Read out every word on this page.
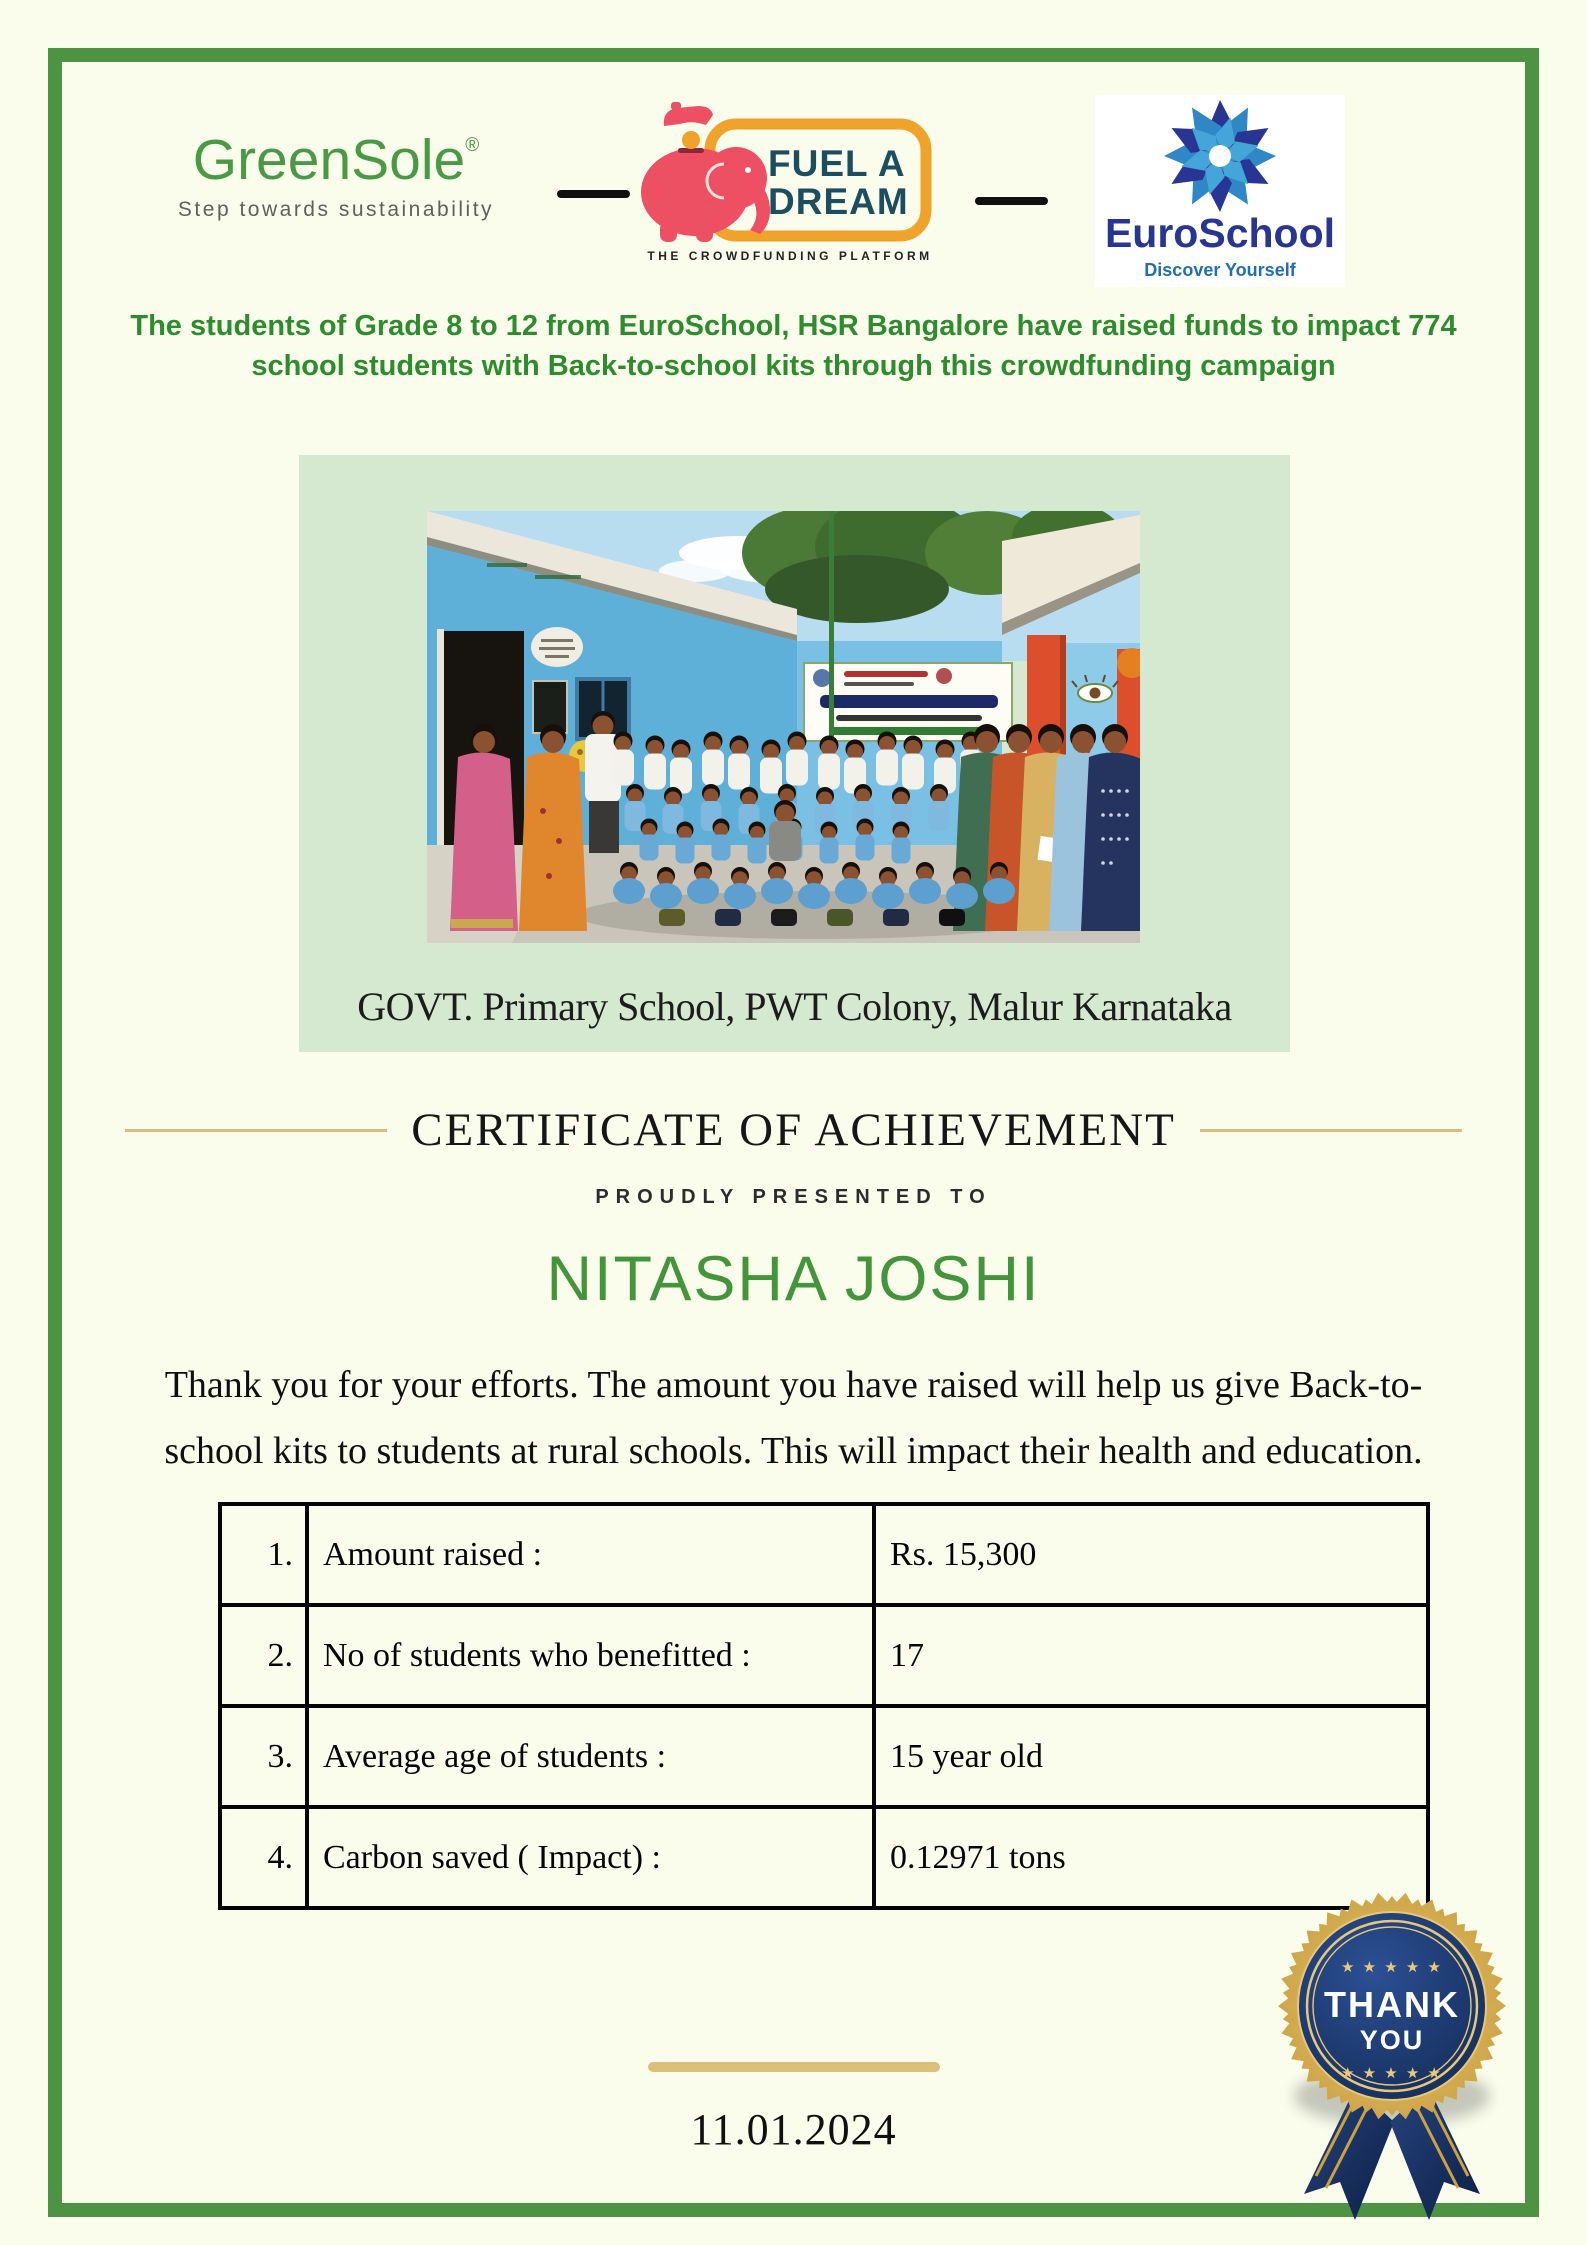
GreenSole®
Step towards sustainability
FUEL A
DREAM
THE CROWDFUNDING PLATFORM	EuroSchool
Discover Yourself
The students of Grade 8 to 12 from EuroSchool, HSR Bangalore have raised funds to impact 774
school students with Back-to-school kits through this crowdfunding campaign
GOVT. Primary School, PWT Colony, Malur Karnataka
CERTIFICATE OF ACHIEVEMENT
PROUDLY PRESENTED TO
NITASHA JOSHI
Thank you for your efforts. The amount you have raised will help us give Back-to-
school kits to students at rural schools. This will impact their health and education.
1.	Amount raised :	Rs. 15,300
2.	No of students who benefitted :	17
3.	Average age of students :	15 year old
4.	Carbon saved ( Impact) :	0.12971 tons
11.01.2024
★ ★ ★ ★ ★
THANK
YOU
★ ★ ★ ★ ★
